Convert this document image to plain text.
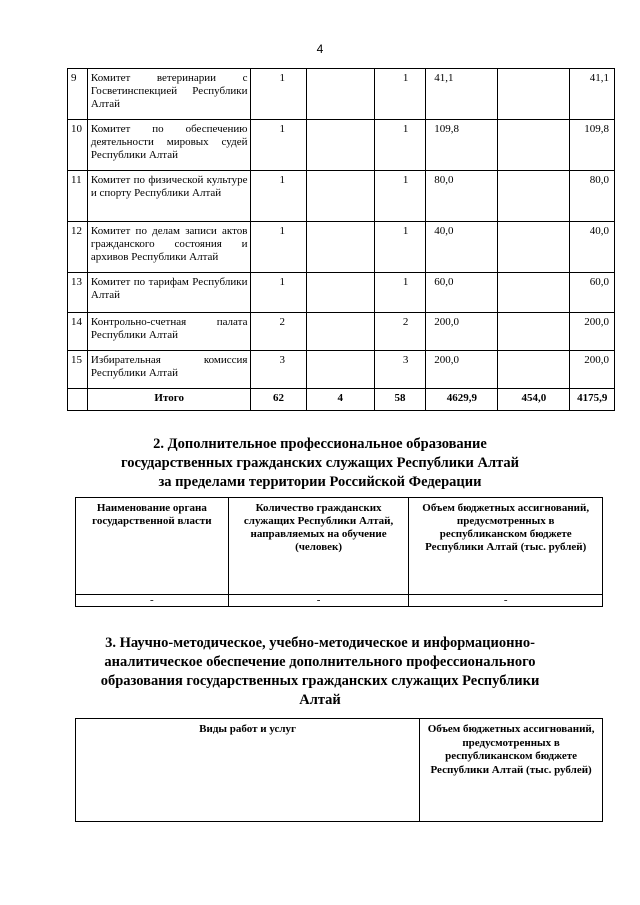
4
9	Комитет ветеринарии с Госветинспекцией Республики Алтай	1		1	41,1		41,1
10	Комитет по обеспечению деятельности мировых судей Республики Алтай	1		1	109,8		109,8
11	Комитет по физической культуре и спорту Республики Алтай	1		1	80,0		80,0
12	Комитет по делам записи актов гражданского состояния и архивов Республики Алтай	1		1	40,0		40,0
13	Комитет по тарифам Республики Алтай	1		1	60,0		60,0
14	Контрольно-счетная палата Республики Алтай	2		2	200,0		200,0
15	Избирательная комиссия Республики Алтай	3		3	200,0		200,0
	Итого	62	4	58	4629,9	454,0	4175,9
2. Дополнительное профессиональное образование
государственных гражданских служащих Республики Алтай
за пределами территории Российской Федерации
Наименование органа государственной власти	Количество гражданских служащих Республики Алтай, направляемых на обучение (человек)	Объем бюджетных ассигнований, предусмотренных в республиканском бюджете Республики Алтай (тыс. рублей)
-	-	-
3. Научно-методическое, учебно-методическое и информационно-
аналитическое обеспечение дополнительного профессионального
образования государственных гражданских служащих Республики
Алтай
Виды работ и услуг	Объем бюджетных ассигнований, предусмотренных в республиканском бюджете Республики Алтай (тыс. рублей)
